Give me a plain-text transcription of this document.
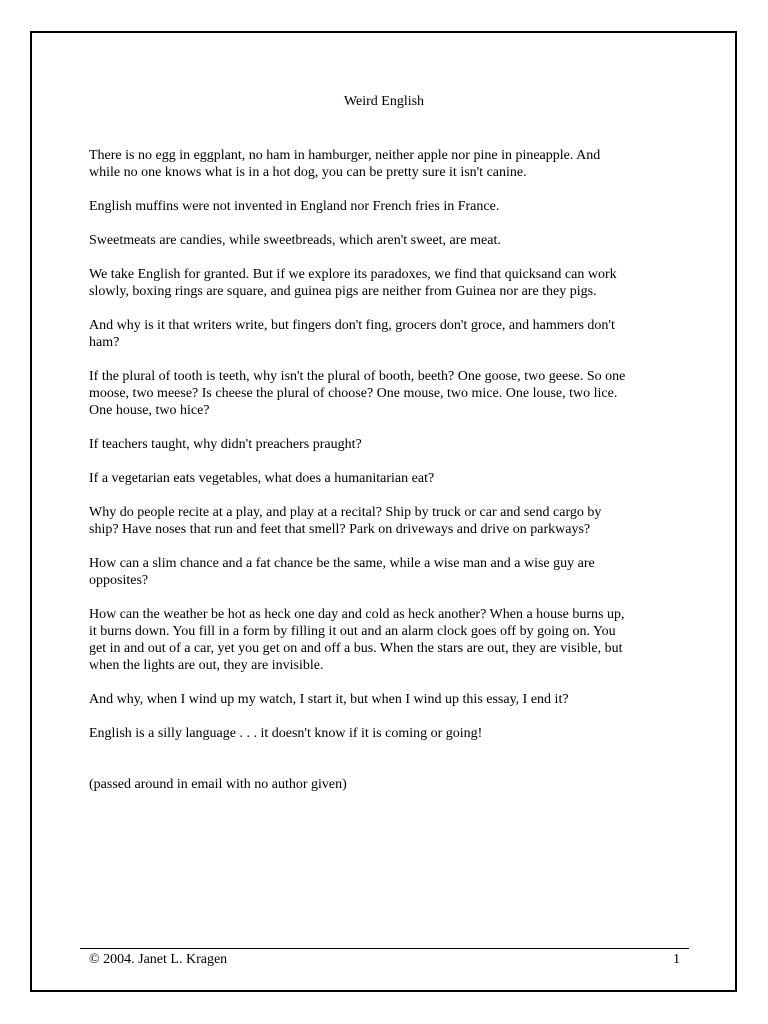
Weird English

There is no egg in eggplant, no ham in hamburger, neither apple nor pine in pineapple. And
while no one knows what is in a hot dog, you can be pretty sure it isn't canine.

English muffins were not invented in England nor French fries in France.

Sweetmeats are candies, while sweetbreads, which aren't sweet, are meat.

We take English for granted. But if we explore its paradoxes, we find that quicksand can work
slowly, boxing rings are square, and guinea pigs are neither from Guinea nor are they pigs.

And why is it that writers write, but fingers don't fing, grocers don't groce, and hammers don't
ham?

If the plural of tooth is teeth, why isn't the plural of booth, beeth? One goose, two geese. So one
moose, two meese? Is cheese the plural of choose? One mouse, two mice. One louse, two lice.
One house, two hice?

If teachers taught, why didn't preachers praught?

If a vegetarian eats vegetables, what does a humanitarian eat?

Why do people recite at a play, and play at a recital? Ship by truck or car and send cargo by
ship? Have noses that run and feet that smell? Park on driveways and drive on parkways?

How can a slim chance and a fat chance be the same, while a wise man and a wise guy are
opposites?

How can the weather be hot as heck one day and cold as heck another? When a house burns up,
it burns down. You fill in a form by filling it out and an alarm clock goes off by going on. You
get in and out of a car, yet you get on and off a bus. When the stars are out, they are visible, but
when the lights are out, they are invisible.

And why, when I wind up my watch, I start it, but when I wind up this essay, I end it?

English is a silly language . . . it doesn't know if it is coming or going!

(passed around in email with no author given)

© 2004. Janet L. Kragen	1
